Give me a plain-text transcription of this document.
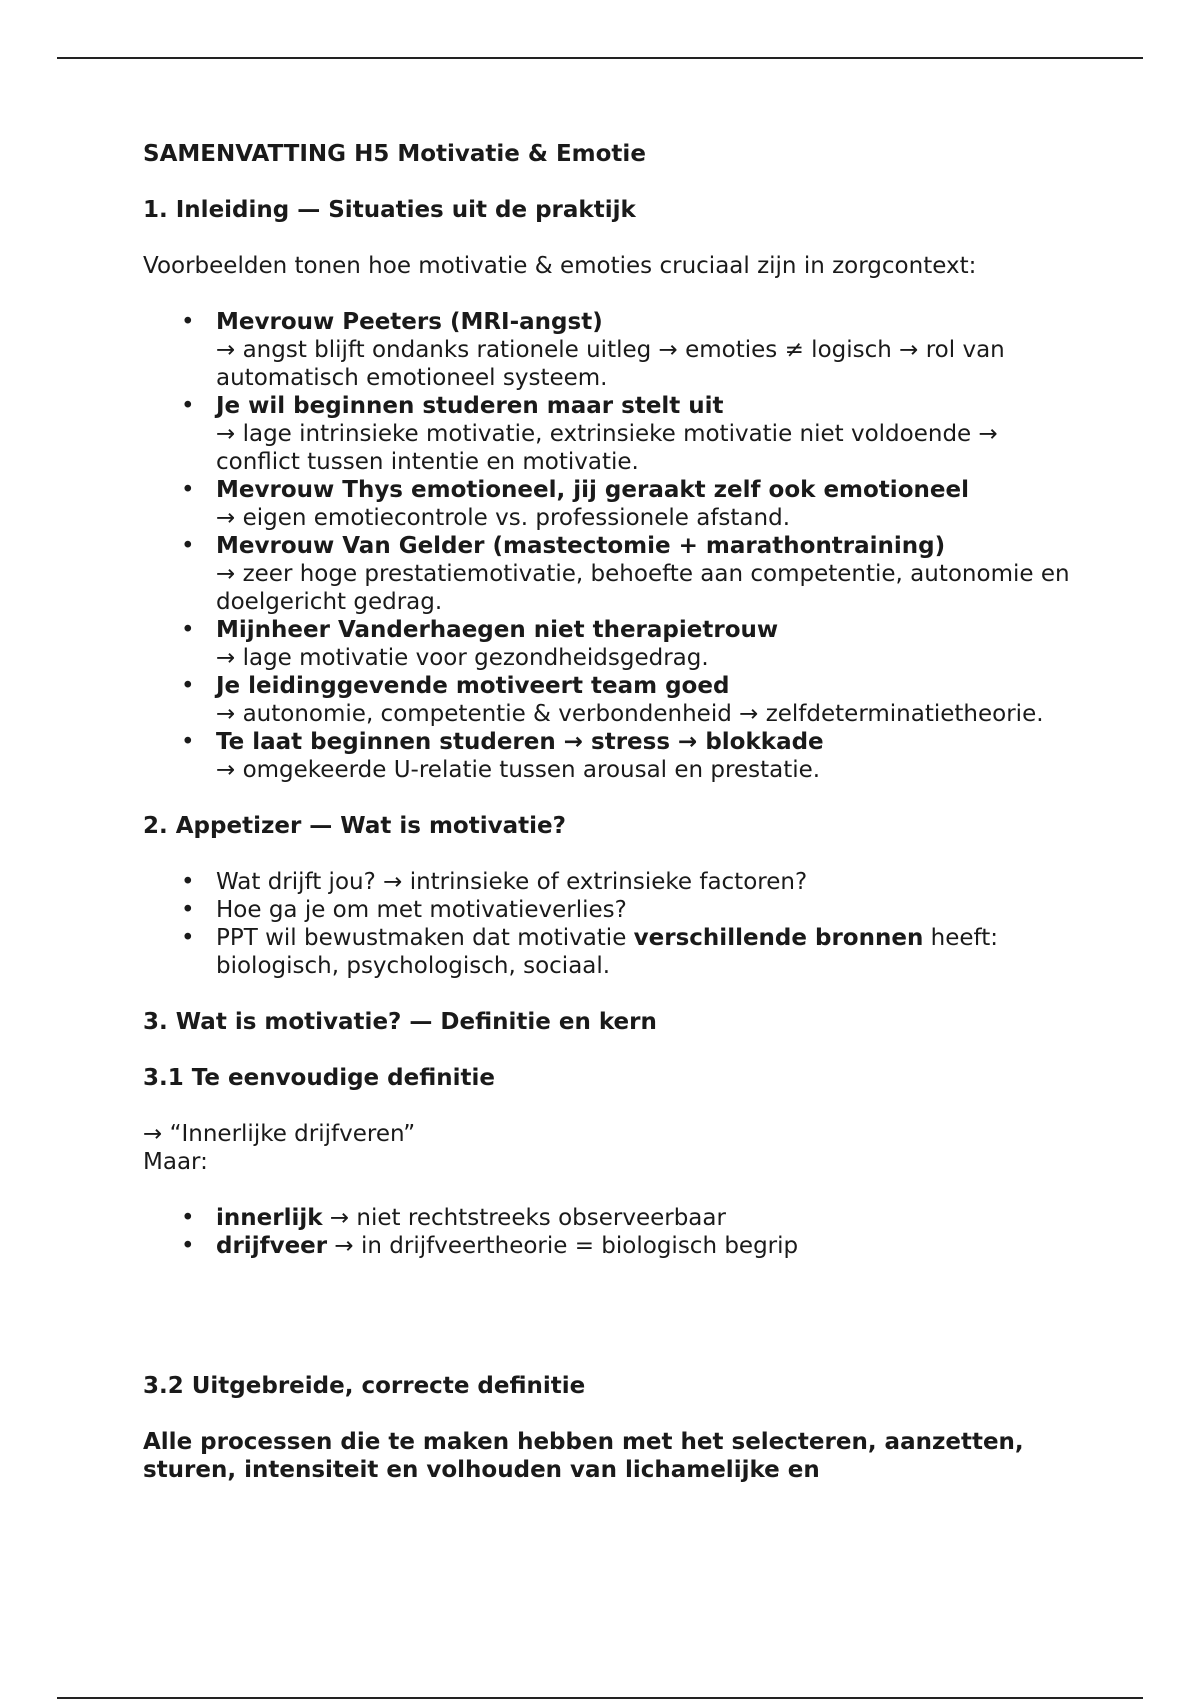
SAMENVATTING H5 Motivatie & Emotie

1. Inleiding — Situaties uit de praktijk

Voorbeelden tonen hoe motivatie & emoties cruciaal zijn in zorgcontext:

• Mevrouw Peeters (MRI-angst)
→ angst blijft ondanks rationele uitleg → emoties ≠ logisch → rol van automatisch emotioneel systeem.
• Je wil beginnen studeren maar stelt uit
→ lage intrinsieke motivatie, extrinsieke motivatie niet voldoende → conflict tussen intentie en motivatie.
• Mevrouw Thys emotioneel, jij geraakt zelf ook emotioneel
→ eigen emotiecontrole vs. professionele afstand.
• Mevrouw Van Gelder (mastectomie + marathontraining)
→ zeer hoge prestatiemotivatie, behoefte aan competentie, autonomie en doelgericht gedrag.
• Mijnheer Vanderhaegen niet therapietrouw
→ lage motivatie voor gezondheidsgedrag.
• Je leidinggevende motiveert team goed
→ autonomie, competentie & verbondenheid → zelfdeterminatietheorie.
• Te laat beginnen studeren → stress → blokkade
→ omgekeerde U-relatie tussen arousal en prestatie.

2. Appetizer — Wat is motivatie?

• Wat drijft jou? → intrinsieke of extrinsieke factoren?
• Hoe ga je om met motivatieverlies?
• PPT wil bewustmaken dat motivatie verschillende bronnen heeft: biologisch, psychologisch, sociaal.

3. Wat is motivatie? — Definitie en kern

3.1 Te eenvoudige definitie

→ “Innerlijke drijfveren”

Maar:

• innerlijk → niet rechtstreeks observeerbaar
• drijfveer → in drijfveertheorie = biologisch begrip

3.2 Uitgebreide, correcte definitie

Alle processen die te maken hebben met het selecteren, aanzetten, sturen, intensiteit en volhouden van lichamelijke en
